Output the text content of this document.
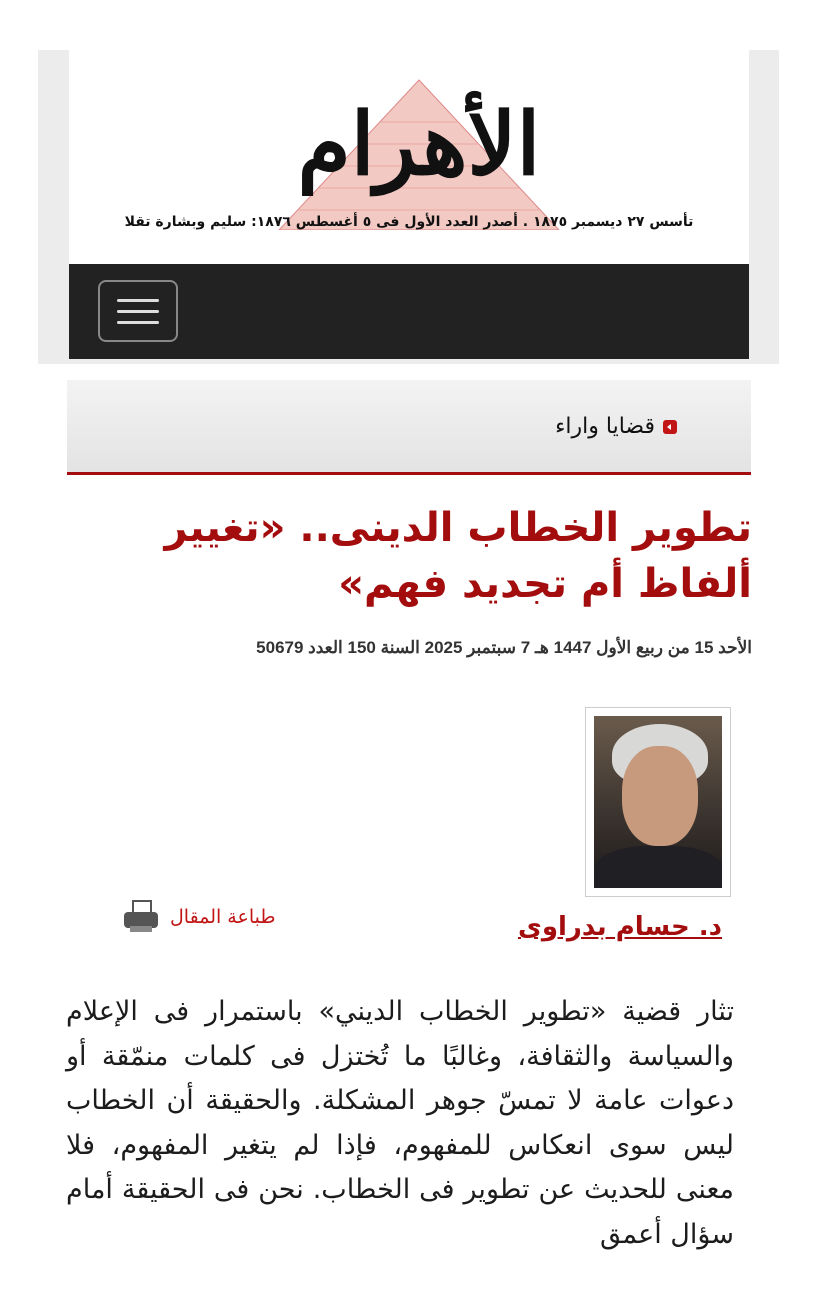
الأهرام
تأسس ٢٧ ديسمبر ١٨٧٥ . أصدر العدد الأول فى ٥ أغسطس ١٨٧٦: سليم وبشارة تقلا
قضايا واراء
تطوير الخطاب الدينى.. «تغيير ألفاظ أم تجديد فهم»
الأحد 15 من ربيع الأول 1447 هـ 7 سبتمبر 2025 السنة 150 العدد 50679
د. حسام بدراوى
طباعة المقال
تثار قضية «تطوير الخطاب الديني» باستمرار فى الإعلام والسياسة والثقافة، وغالبًا ما تُختزل فى كلمات منمّقة أو دعوات عامة لا تمسّ جوهر المشكلة. والحقيقة أن الخطاب ليس سوى انعكاس للمفهوم، فإذا لم يتغير المفهوم، فلا معنى للحديث عن تطوير فى الخطاب. نحن فى الحقيقة أمام سؤال أعمق
